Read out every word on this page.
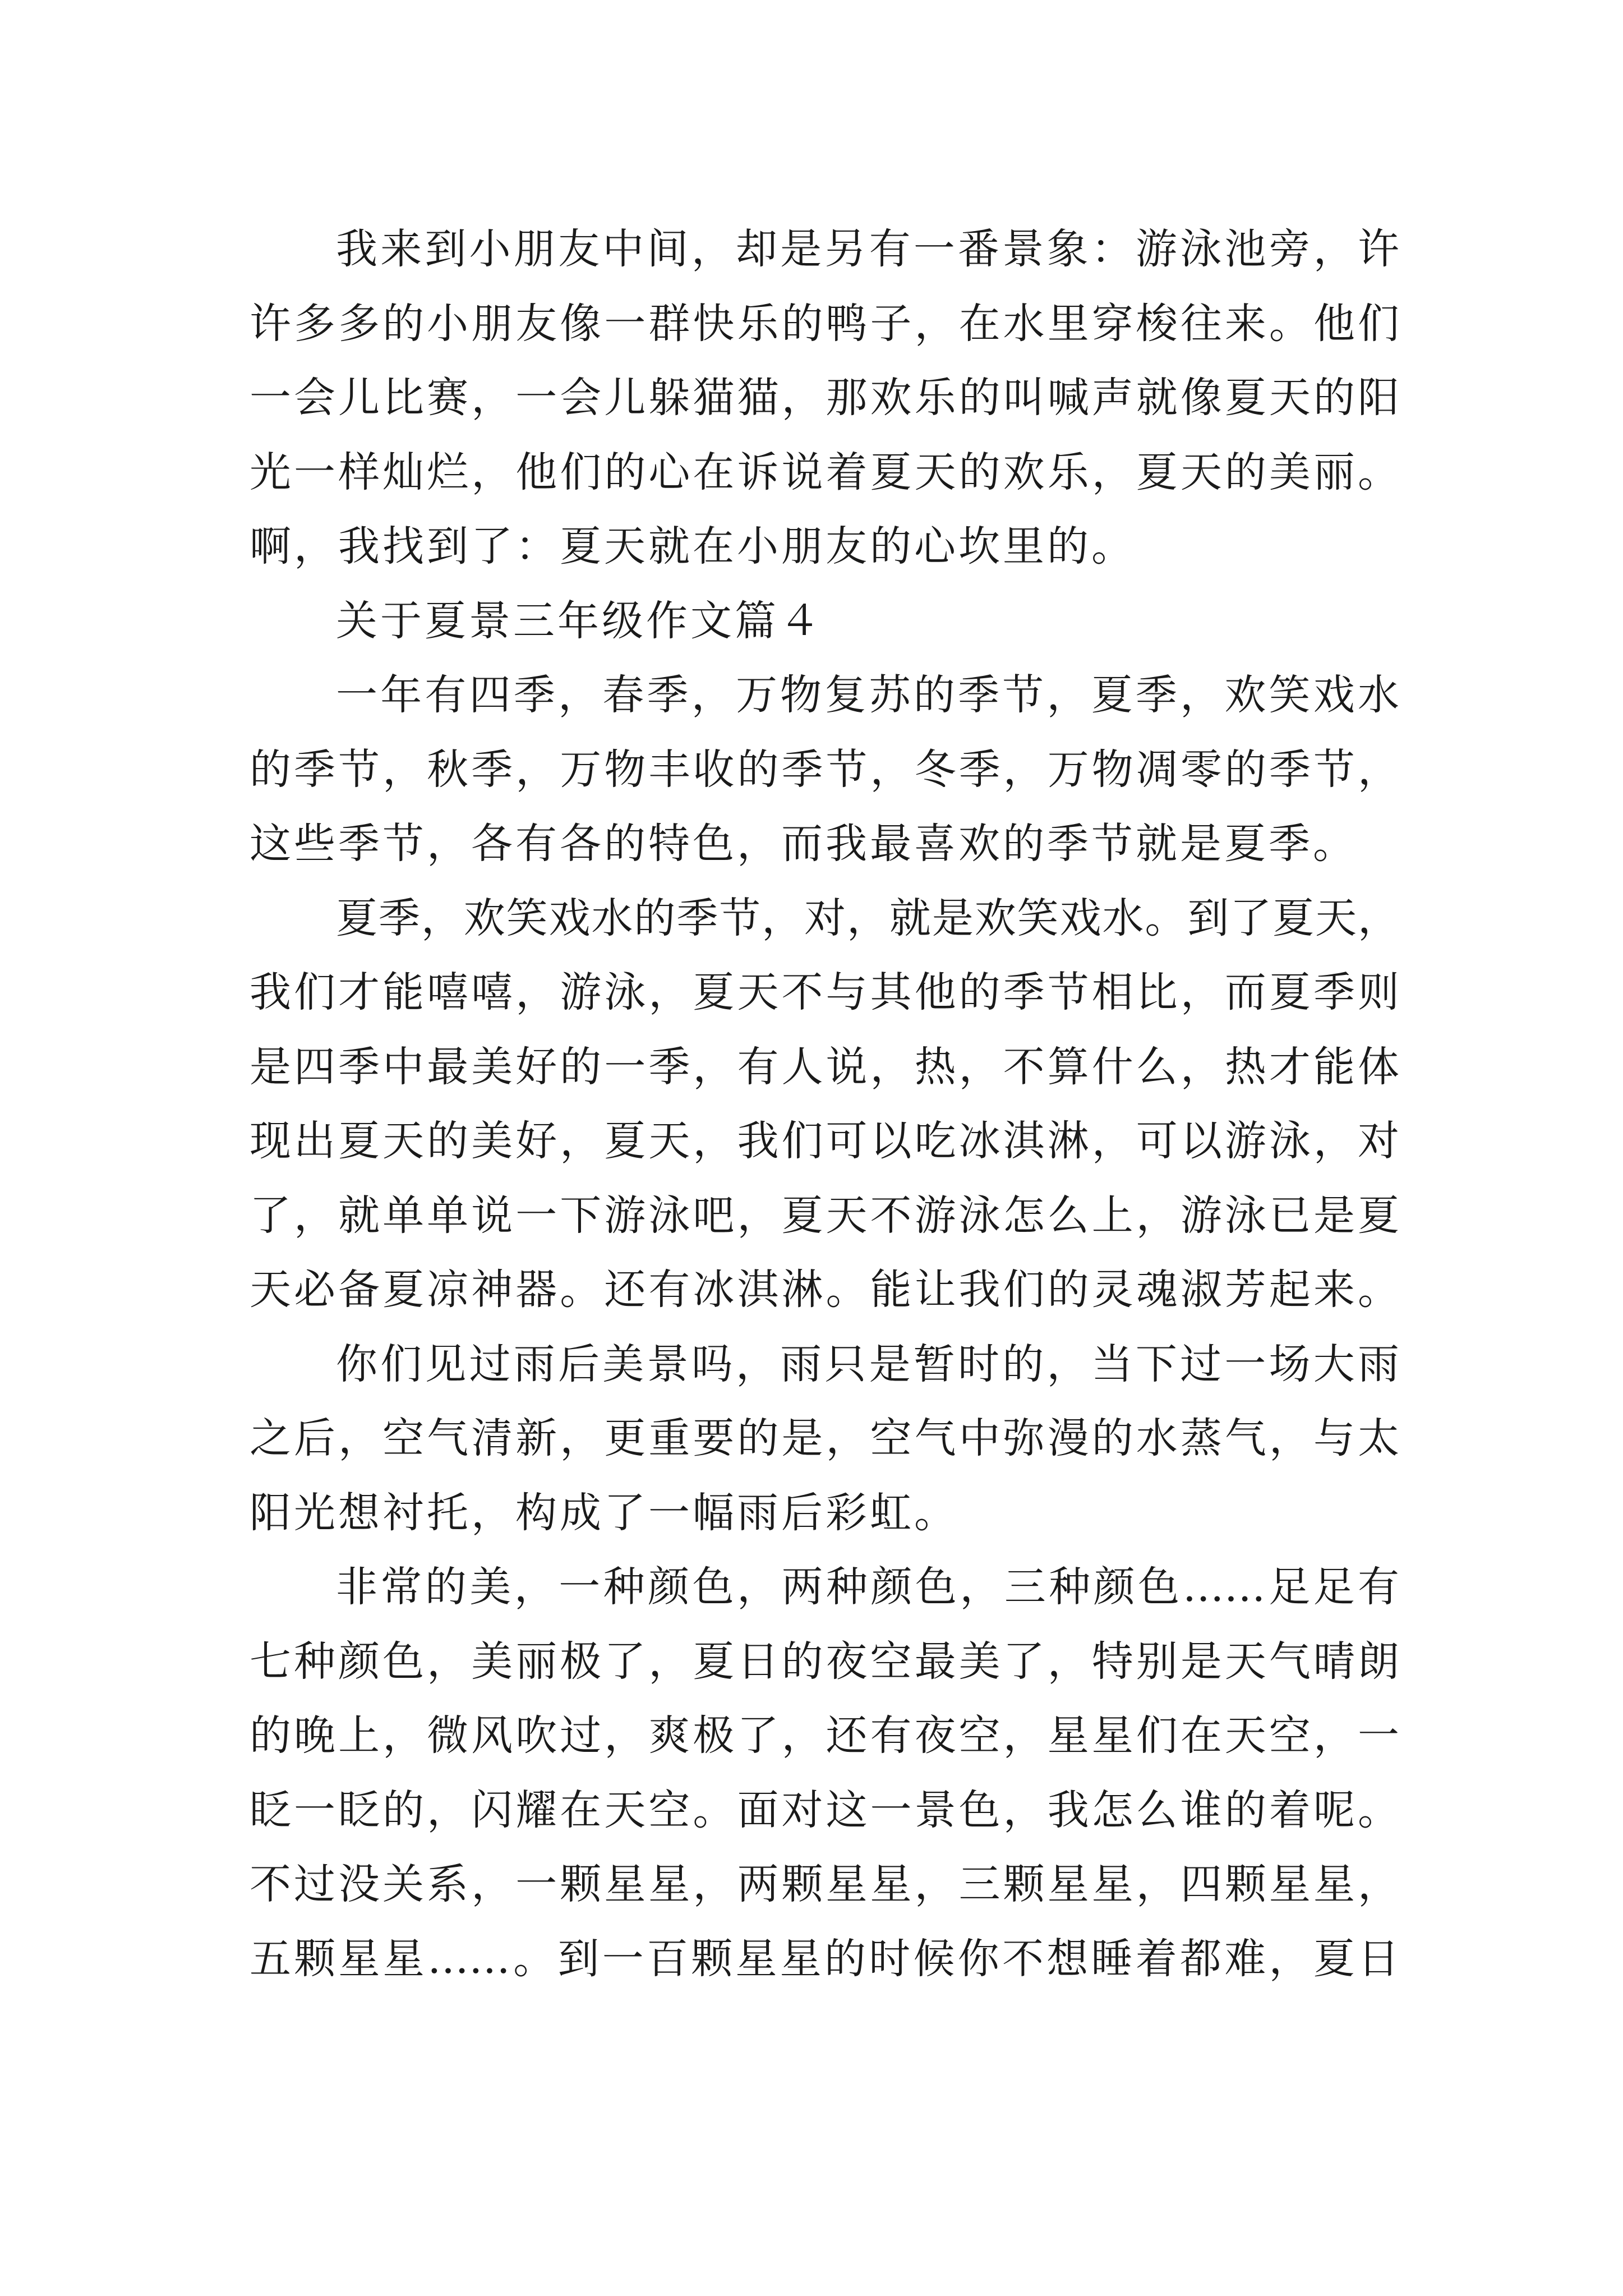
我来到小朋友中间，却是另有一番景象：游泳池旁，许
许多多的小朋友像一群快乐的鸭子，在水里穿梭往来。他们
一会儿比赛，一会儿躲猫猫，那欢乐的叫喊声就像夏天的阳
光一样灿烂，他们的心在诉说着夏天的欢乐，夏天的美丽。
啊，我找到了：夏天就在小朋友的心坎里的。
关于夏景三年级作文篇４
一年有四季，春季，万物复苏的季节，夏季，欢笑戏水
的季节，秋季，万物丰收的季节，冬季，万物凋零的季节，
这些季节，各有各的特色，而我最喜欢的季节就是夏季。
夏季，欢笑戏水的季节，对，就是欢笑戏水。到了夏天，
我们才能嘻嘻，游泳，夏天不与其他的季节相比，而夏季则
是四季中最美好的一季，有人说，热，不算什么，热才能体
现出夏天的美好，夏天，我们可以吃冰淇淋，可以游泳，对
了，就单单说一下游泳吧，夏天不游泳怎么上，游泳已是夏
天必备夏凉神器。还有冰淇淋。能让我们的灵魂淑芳起来。
你们见过雨后美景吗，雨只是暂时的，当下过一场大雨
之后，空气清新，更重要的是，空气中弥漫的水蒸气，与太
阳光想衬托，构成了一幅雨后彩虹。
非常的美，一种颜色，两种颜色，三种颜色……足足有
七种颜色，美丽极了，夏日的夜空最美了，特别是天气晴朗
的晚上，微风吹过，爽极了，还有夜空，星星们在天空，一
眨一眨的，闪耀在天空。面对这一景色，我怎么谁的着呢。
不过没关系，一颗星星，两颗星星，三颗星星，四颗星星，
五颗星星……。到一百颗星星的时候你不想睡着都难，夏日
